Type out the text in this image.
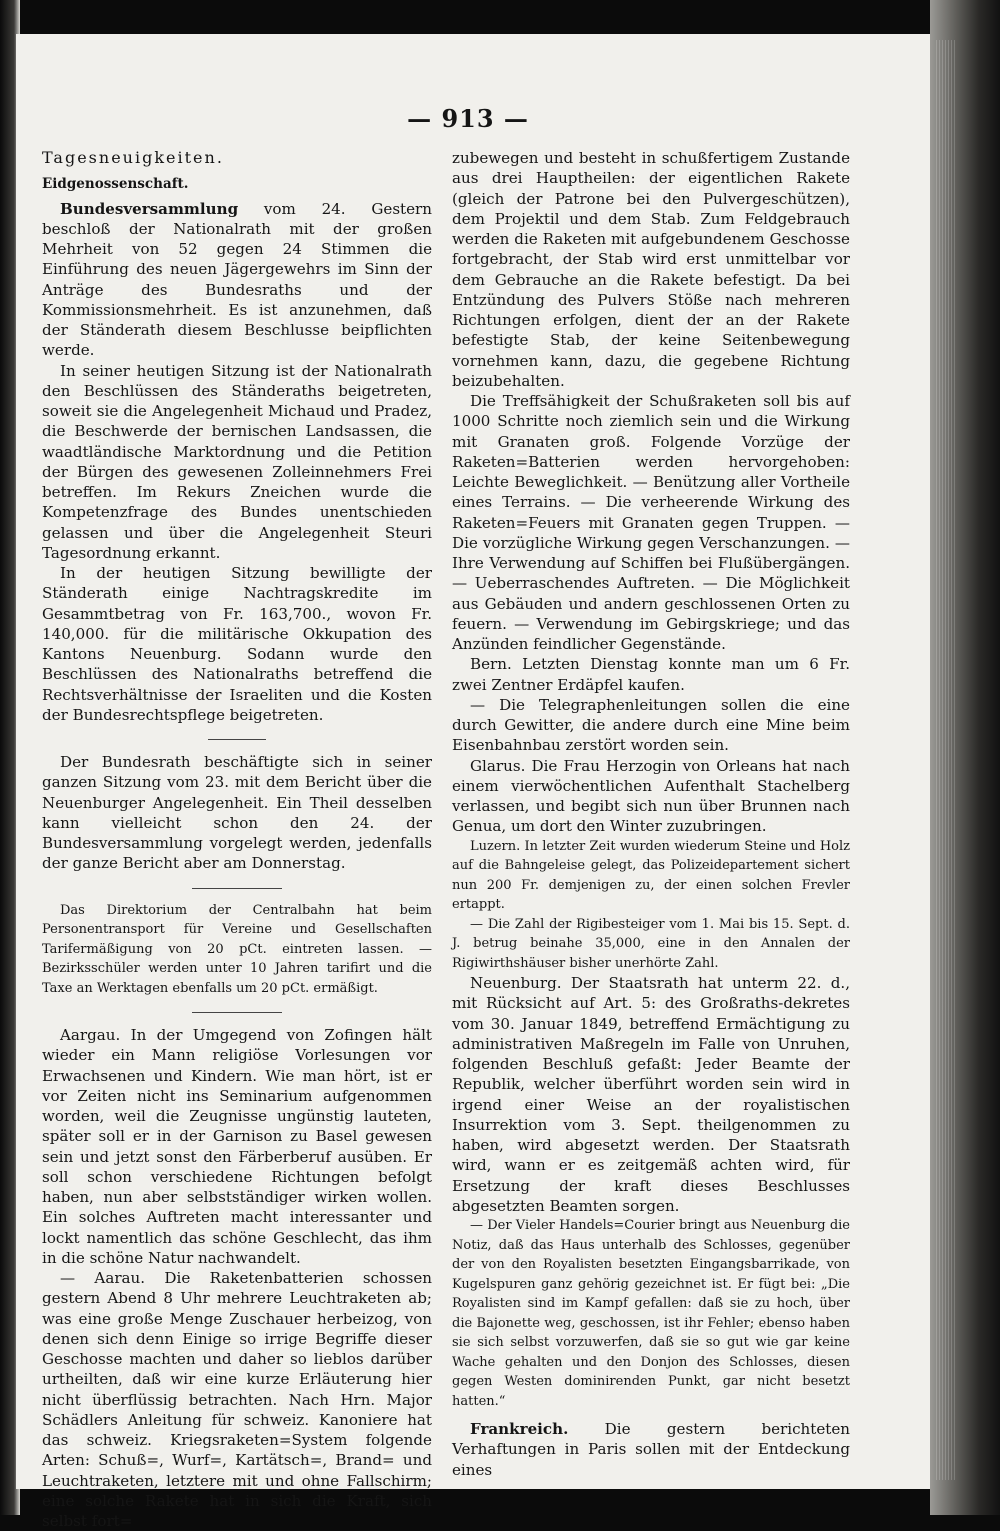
— 913 —

Tagesneuigkeiten.

Eidgenossenschaft.

Bundesversammlung vom 24. Gestern beschloß der Nationalrath mit der großen Mehrheit von 52 gegen 24 Stimmen die Einführung des neuen Jägergewehrs im Sinn der Anträge des Bundesraths und der Kommissionsmehrheit. Es ist anzunehmen, daß der Ständerath diesem Beschlusse beipflichten werde.

In seiner heutigen Sitzung ist der Nationalrath den Beschlüssen des Ständeraths beigetreten, soweit sie die Angelegenheit Michaud und Pradez, die Beschwerde der bernischen Landsassen, die waadtländische Marktordnung und die Petition der Bürgen des gewesenen Zolleinnehmers Frei betreffen. Im Rekurs Zneichen wurde die Kompetenzfrage des Bundes unentschieden gelassen und über die Angelegenheit Steuri Tagesordnung erkannt.

In der heutigen Sitzung bewilligte der Ständerath einige Nachtragskredite im Gesammtbetrag von Fr. 163,700., wovon Fr. 140,000. für die militärische Okkupation des Kantons Neuenburg. Sodann wurde den Beschlüssen des Nationalraths betreffend die Rechtsverhältnisse der Israeliten und die Kosten der Bundesrechtspflege beigetreten.

Der Bundesrath beschäftigte sich in seiner ganzen Sitzung vom 23. mit dem Bericht über die Neuenburger Angelegenheit. Ein Theil desselben kann vielleicht schon den 24. der Bundesversammlung vorgelegt werden, jedenfalls der ganze Bericht aber am Donnerstag.

Das Direktorium der Centralbahn hat beim Personentransport für Vereine und Gesellschaften Tarifermäßigung von 20 pCt. eintreten lassen. — Bezirksschüler werden unter 10 Jahren tarifirt und die Taxe an Werktagen ebenfalls um 20 pCt. ermäßigt.

Aargau. In der Umgegend von Zofingen hält wieder ein Mann religiöse Vorlesungen vor Erwachsenen und Kindern. Wie man hört, ist er vor Zeiten nicht ins Seminarium aufgenommen worden, weil die Zeugnisse ungünstig lauteten, später soll er in der Garnison zu Basel gewesen sein und jetzt sonst den Färberberuf ausüben. Er soll schon verschiedene Richtungen befolgt haben, nun aber selbstständiger wirken wollen. Ein solches Auftreten macht interessanter und lockt namentlich das schöne Geschlecht, das ihm in die schöne Natur nachwandelt.

— Aarau. Die Raketenbatterien schossen gestern Abend 8 Uhr mehrere Leuchtraketen ab; was eine große Menge Zuschauer herbeizog, von denen sich denn Einige so irrige Begriffe dieser Geschosse machten und daher so lieblos darüber urtheilten, daß wir eine kurze Erläuterung hier nicht überflüssig betrachten. Nach Hrn. Major Schädlers Anleitung für schweiz. Kanoniere hat das schweiz. Kriegsraketen=System folgende Arten: Schuß=, Wurf=, Kartätsch=, Brand= und Leuchtraketen, letztere mit und ohne Fallschirm; eine solche Rakete hat in sich die Kraft, sich selbst fort=

zubewegen und besteht in schußfertigem Zustande aus drei Hauptheilen: der eigentlichen Rakete (gleich der Patrone bei den Pulvergeschützen), dem Projektil und dem Stab. Zum Feldgebrauch werden die Raketen mit aufgebundenem Geschosse fortgebracht, der Stab wird erst unmittelbar vor dem Gebrauche an die Rakete befestigt. Da bei Entzündung des Pulvers Stöße nach mehreren Richtungen erfolgen, dient der an der Rakete befestigte Stab, der keine Seitenbewegung vornehmen kann, dazu, die gegebene Richtung beizubehalten.

Die Treffsähigkeit der Schußraketen soll bis auf 1000 Schritte noch ziemlich sein und die Wirkung mit Granaten groß. Folgende Vorzüge der Raketen=Batterien werden hervorgehoben: Leichte Beweglichkeit. — Benützung aller Vortheile eines Terrains. — Die verheerende Wirkung des Raketen=Feuers mit Granaten gegen Truppen. — Die vorzügliche Wirkung gegen Verschanzungen. — Ihre Verwendung auf Schiffen bei Flußübergängen. — Ueberraschendes Auftreten. — Die Möglichkeit aus Gebäuden und andern geschlossenen Orten zu feuern. — Verwendung im Gebirgskriege; und das Anzünden feindlicher Gegenstände.

Bern. Letzten Dienstag konnte man um 6 Fr. zwei Zentner Erdäpfel kaufen.

— Die Telegraphenleitungen sollen die eine durch Gewitter, die andere durch eine Mine beim Eisenbahnbau zerstört worden sein.

Glarus. Die Frau Herzogin von Orleans hat nach einem vierwöchentlichen Aufenthalt Stachelberg verlassen, und begibt sich nun über Brunnen nach Genua, um dort den Winter zuzubringen.

Luzern. In letzter Zeit wurden wiederum Steine und Holz auf die Bahngeleise gelegt, das Polizeidepartement sichert nun 200 Fr. demjenigen zu, der einen solchen Frevler ertappt.

— Die Zahl der Rigibesteiger vom 1. Mai bis 15. Sept. d. J. betrug beinahe 35,000, eine in den Annalen der Rigiwirthshäuser bisher unerhörte Zahl.

Neuenburg. Der Staatsrath hat unterm 22. d., mit Rücksicht auf Art. 5: des Großraths-dekretes vom 30. Januar 1849, betreffend Ermächtigung zu administrativen Maßregeln im Falle von Unruhen, folgenden Beschluß gefaßt: Jeder Beamte der Republik, welcher überführt worden sein wird in irgend einer Weise an der royalistischen Insurrektion vom 3. Sept. theilgenommen zu haben, wird abgesetzt werden. Der Staatsrath wird, wann er es zeitgemäß achten wird, für Ersetzung der kraft dieses Beschlusses abgesetzten Beamten sorgen.

— Der Vieler Handels=Courier bringt aus Neuenburg die Notiz, daß das Haus unterhalb des Schlosses, gegenüber der von den Royalisten besetzten Eingangsbarrikade, von Kugelspuren ganz gehörig gezeichnet ist. Er fügt bei: „Die Royalisten sind im Kampf gefallen: daß sie zu hoch, über die Bajonette weg, geschossen, ist ihr Fehler; ebenso haben sie sich selbst vorzuwerfen, daß sie so gut wie gar keine Wache gehalten und den Donjon des Schlosses, diesen gegen Westen dominirenden Punkt, gar nicht besetzt hatten.“

Frankreich. Die gestern berichteten Verhaftungen in Paris sollen mit der Entdeckung eines
